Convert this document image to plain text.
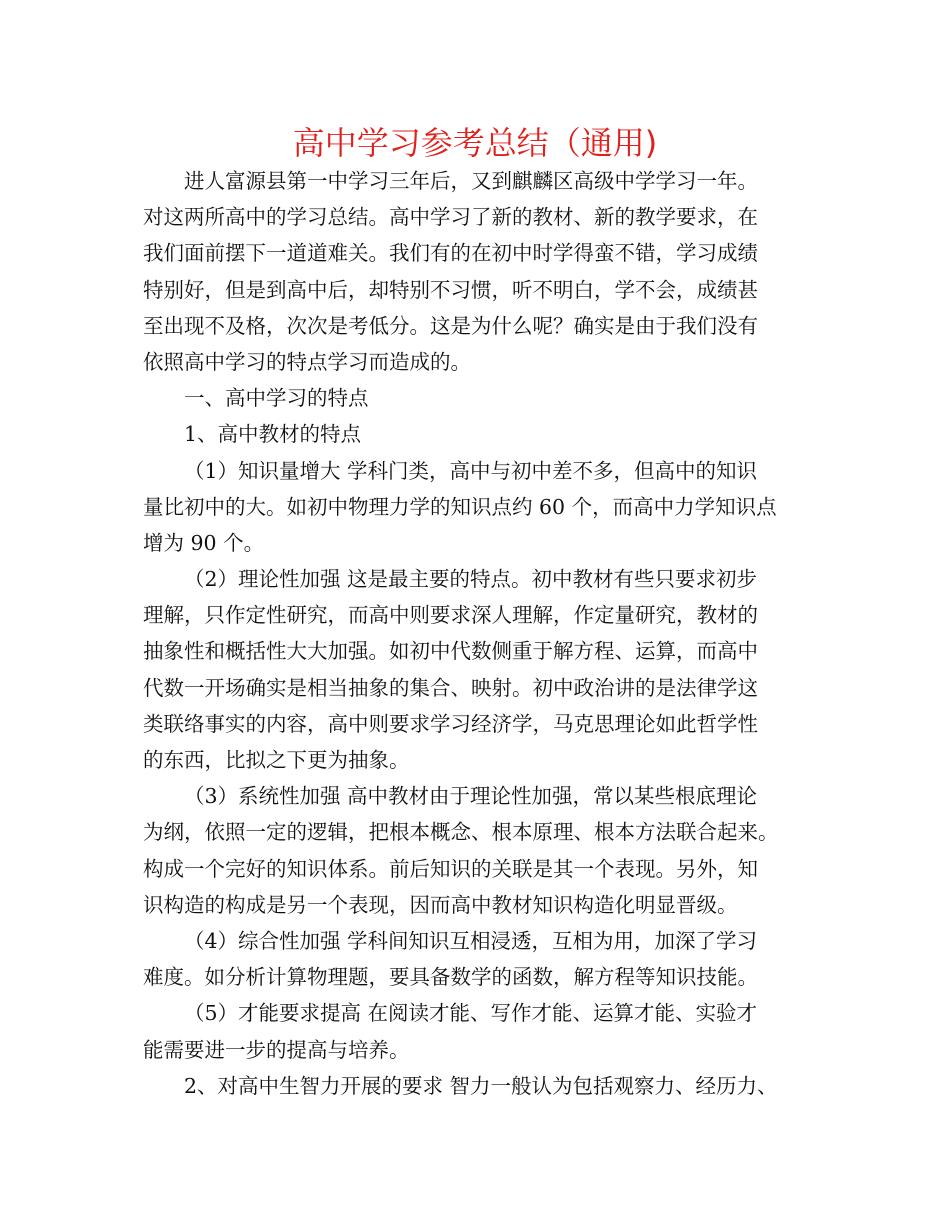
高中学习参考总结（通用)
进人富源县第一中学习三年后，又到麒麟区高级中学学习一年。
对这两所高中的学习总结。高中学习了新的教材、新的教学要求，在
我们面前摆下一道道难关。我们有的在初中时学得蛮不错，学习成绩
特别好，但是到高中后，却特别不习惯，听不明白，学不会，成绩甚
至出现不及格，次次是考低分。这是为什么呢？确实是由于我们没有
依照高中学习的特点学习而造成的。
一、高中学习的特点
1、高中教材的特点
（1）知识量增大 学科门类，高中与初中差不多，但高中的知识
量比初中的大。如初中物理力学的知识点约 60 个，而高中力学知识点
增为 90 个。
（2）理论性加强 这是最主要的特点。初中教材有些只要求初步
理解，只作定性研究，而高中则要求深人理解，作定量研究，教材的
抽象性和概括性大大加强。如初中代数侧重于解方程、运算，而高中
代数一开场确实是相当抽象的集合、映射。初中政治讲的是法律学这
类联络事实的内容，高中则要求学习经济学，马克思理论如此哲学性
的东西，比拟之下更为抽象。
（3）系统性加强 高中教材由于理论性加强，常以某些根底理论
为纲，依照一定的逻辑，把根本概念、根本原理、根本方法联合起来。
构成一个完好的知识体系。前后知识的关联是其一个表现。另外，知
识构造的构成是另一个表现，因而高中教材知识构造化明显晋级。
（4）综合性加强 学科间知识互相浸透，互相为用，加深了学习
难度。如分析计算物理题，要具备数学的函数，解方程等知识技能。
（5）才能要求提高 在阅读才能、写作才能、运算才能、实验才
能需要进一步的提高与培养。
2、对高中生智力开展的要求 智力一般认为包括观察力、经历力、
